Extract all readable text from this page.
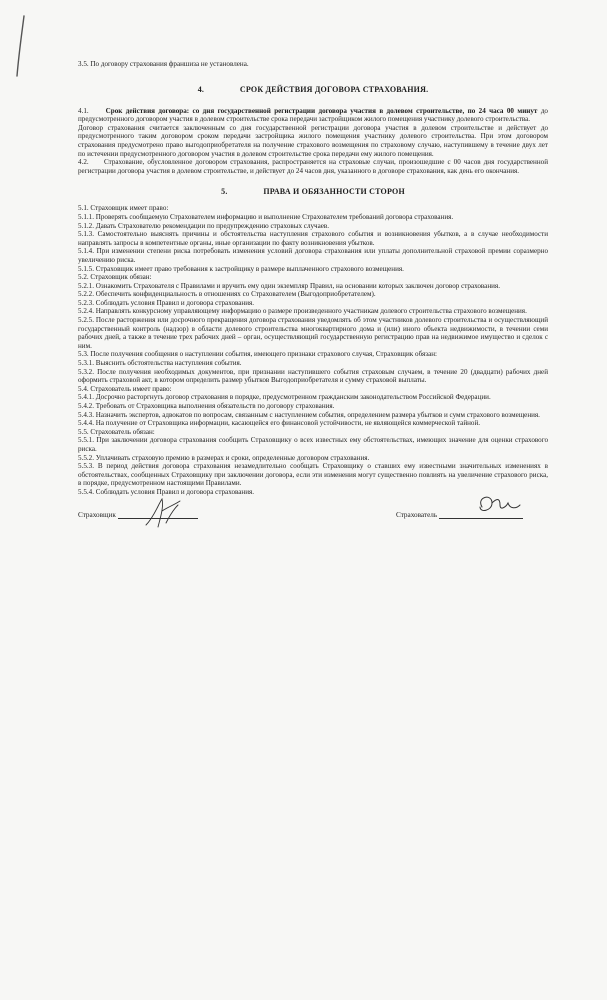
3.5. По договору страхования франшиза не установлена.

4.	СРОК ДЕЙСТВИЯ ДОГОВОРА СТРАХОВАНИЯ.

4.1. Срок действия договора: со дня государственной регистрации договора участия в долевом строительстве, по 24 часа 00 минут до предусмотренного договором участия в долевом строительстве срока передачи застройщиком жилого помещения участнику долевого строительства.

Договор страхования считается заключенным со дня государственной регистрации договора участия в долевом строительстве и действует до предусмотренного таким договором сроком передачи застройщика жилого помещения участнику долевого строительства. При этом договором страхования предусмотрено право выгодоприобретателя на получение страхового возмещения по страховому случаю, наступившему в течение двух лет по истечении предусмотренного договором участия в долевом строительстве срока передачи ему жилого помещения.

4.2. Страхование, обусловленное договором страхования, распространяется на страховые случаи, произошедшие с 00 часов дня государственной регистрации договора участия в долевом строительстве, и действует до 24 часов дня, указанного в договоре страхования, как день его окончания.

5.	ПРАВА И ОБЯЗАННОСТИ СТОРОН

5.1. Страховщик имеет право:

5.1.1. Проверять сообщаемую Страхователем информацию и выполнение Страхователем требований договора страхования.

5.1.2. Давать Страхователю рекомендации по предупреждению страховых случаев.

5.1.3. Самостоятельно выяснять причины и обстоятельства наступления страхового события и возникновения убытков, а в случае необходимости направлять запросы в компетентные органы, иные организации по факту возникновения убытков.

5.1.4. При изменении степени риска потребовать изменения условий договора страхования или уплаты дополнительной страховой премии соразмерно увеличению риска.

5.1.5. Страховщик имеет право требования к застройщику в размере выплаченного страхового возмещения.

5.2. Страховщик обязан:

5.2.1. Ознакомить Страхователя с Правилами и вручить ему один экземпляр Правил, на основании которых заключен договор страхования.

5.2.2. Обеспечить конфиденциальность в отношениях со Страхователем (Выгодоприобретателем).

5.2.3. Соблюдать условия Правил и договора страхования.

5.2.4. Направлять конкурсному управляющему информацию о размере произведенного участникам долевого строительства страхового возмещения.

5.2.5. После расторжения или досрочного прекращения договора страхования уведомлять об этом участников долевого строительства и осуществляющий государственный контроль (надзор) в области долевого строительства многоквартирного дома и (или) иного объекта недвижимости, в течении семи рабочих дней, а также в течение трех рабочих дней – орган, осуществляющий государственную регистрацию прав на недвижимое имущество и сделок с ним.

5.3. После получения сообщения о наступлении события, имеющего признаки страхового случая, Страховщик обязан:

5.3.1. Выяснить обстоятельства наступления события.

5.3.2. После получения необходимых документов, при признании наступившего события страховым случаем, в течение 20 (двадцати) рабочих дней оформить страховой акт, в котором определить размер убытков Выгодоприобретателя и сумму страховой выплаты.

5.4. Страхователь имеет право:

5.4.1. Досрочно расторгнуть договор страхования в порядке, предусмотренном гражданским законодательством Российской Федерации.

5.4.2. Требовать от Страховщика выполнения обязательств по договору страхования.

5.4.3. Назначить экспертов, адвокатов по вопросам, связанным с наступлением события, определением размера убытков и сумм страхового возмещения.

5.4.4. На получение от Страховщика информации, касающейся его финансовой устойчивости, не являющейся коммерческой тайной.

5.5. Страхователь обязан:

5.5.1. При заключении договора страхования сообщить Страховщику о всех известных ему обстоятельствах, имеющих значение для оценки страхового риска.

5.5.2. Уплачивать страховую премию в размерах и сроки, определенные договором страхования.

5.5.3. В период действия договора страхования незамедлительно сообщать Страховщику о ставших ему известными значительных изменениях в обстоятельствах, сообщенных Страховщику при заключении договора, если эти изменения могут существенно повлиять на увеличение страхового риска, в порядке, предусмотренном настоящими Правилами.

5.5.4. Соблюдать условия Правил и договора страхования.

Страховщик	Страхователь
